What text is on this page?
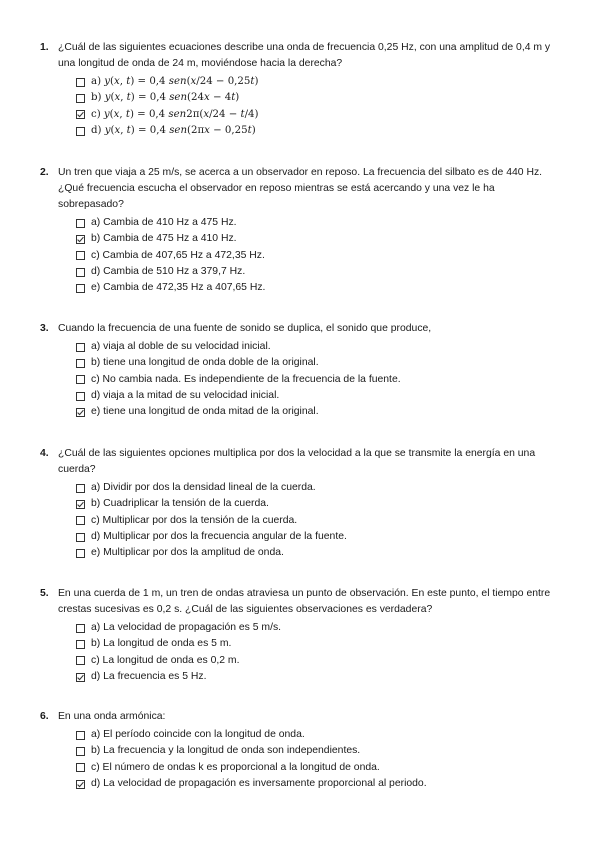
1. ¿Cuál de las siguientes ecuaciones describe una onda de frecuencia 0,25 Hz, con una amplitud de 0,4 m y una longitud de onda de 24 m, moviéndose hacia la derecha?
a) 𝑦(𝑥, 𝑡) = 0,4 𝑠𝑒𝑛(𝑥/24 − 0,25𝑡)
b) 𝑦(𝑥, 𝑡) = 0,4 𝑠𝑒𝑛(24𝑥 − 4𝑡)
c) 𝑦(𝑥, 𝑡) = 0,4 𝑠𝑒𝑛2π(𝑥/24 − 𝑡/4)
d) 𝑦(𝑥, 𝑡) = 0,4 𝑠𝑒𝑛(2π𝑥 − 0,25𝑡)
2. Un tren que viaja a 25 m/s, se acerca a un observador en reposo. La frecuencia del silbato es de 440 Hz. ¿Qué frecuencia escucha el observador en reposo mientras se está acercando y una vez le ha sobrepasado?
a) Cambia de 410 Hz a 475 Hz.
b) Cambia de 475 Hz a 410 Hz.
c) Cambia de 407,65 Hz a 472,35 Hz.
d) Cambia de 510 Hz a 379,7 Hz.
e) Cambia de 472,35 Hz a 407,65 Hz.
3. Cuando la frecuencia de una fuente de sonido se duplica, el sonido que produce,
a) viaja al doble de su velocidad inicial.
b) tiene una longitud de onda doble de la original.
c) No cambia nada. Es independiente de la frecuencia de la fuente.
d) viaja a la mitad de su velocidad inicial.
e) tiene una longitud de onda mitad de la original.
4. ¿Cuál de las siguientes opciones multiplica por dos la velocidad a la que se transmite la energía en una cuerda?
a) Dividir por dos la densidad lineal de la cuerda.
b) Cuadriplicar la tensión de la cuerda.
c) Multiplicar por dos la tensión de la cuerda.
d) Multiplicar por dos la frecuencia angular de la fuente.
e) Multiplicar por dos la amplitud de onda.
5. En una cuerda de 1 m, un tren de ondas atraviesa un punto de observación. En este punto, el tiempo entre crestas sucesivas es 0,2 s. ¿Cuál de las siguientes observaciones es verdadera?
a) La velocidad de propagación es 5 m/s.
b) La longitud de onda es 5 m.
c) La longitud de onda es 0,2 m.
d) La frecuencia es 5 Hz.
6. En una onda armónica:
a) El período coincide con la longitud de onda.
b) La frecuencia y la longitud de onda son independientes.
c) El número de ondas k es proporcional a la longitud de onda.
d) La velocidad de propagación es inversamente proporcional al periodo.
